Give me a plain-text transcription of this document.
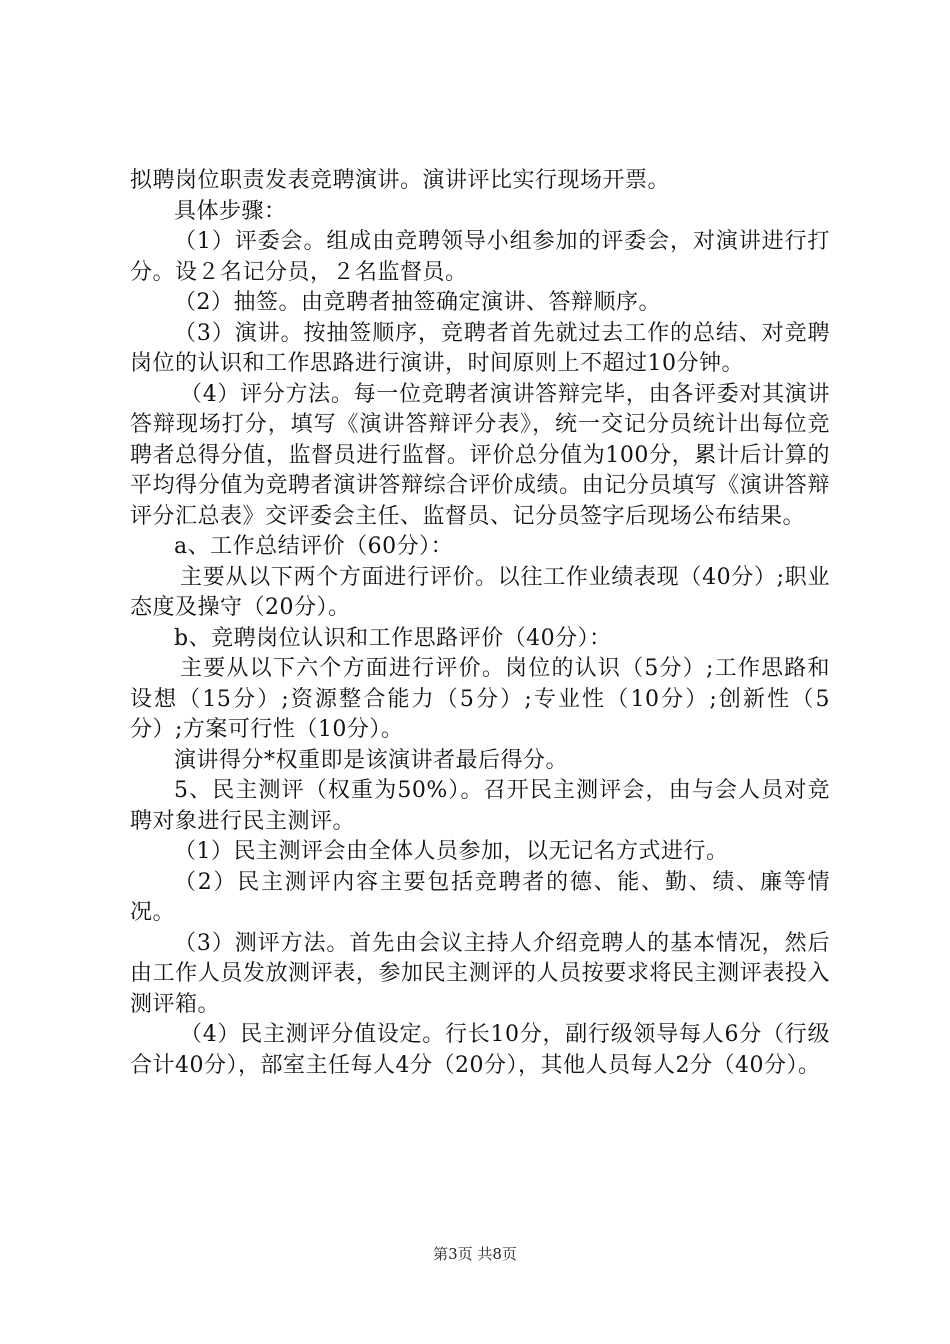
拟聘岗位职责发表竞聘演讲。演讲评比实行现场开票。

具体步骤：

（1）评委会。组成由竞聘领导小组参加的评委会，对演讲进行打分。设２名记分员，２名监督员。

（2）抽签。由竞聘者抽签确定演讲、答辩顺序。

（3）演讲。按抽签顺序，竞聘者首先就过去工作的总结、对竞聘岗位的认识和工作思路进行演讲，时间原则上不超过10分钟。

（4）评分方法。每一位竞聘者演讲答辩完毕，由各评委对其演讲答辩现场打分，填写《演讲答辩评分表》，统一交记分员统计出每位竞聘者总得分值，监督员进行监督。评价总分值为100分，累计后计算的平均得分值为竞聘者演讲答辩综合评价成绩。由记分员填写《演讲答辩评分汇总表》交评委会主任、监督员、记分员签字后现场公布结果。

a、工作总结评价（60分）：

主要从以下两个方面进行评价。以往工作业绩表现（40分）;职业态度及操守（20分）。

b、竞聘岗位认识和工作思路评价（40分）：

主要从以下六个方面进行评价。岗位的认识（5分）;工作思路和设想（15分）;资源整合能力（5分）;专业性（10分）;创新性（5分）;方案可行性（10分）。

演讲得分*权重即是该演讲者最后得分。

5、民主测评（权重为50%）。召开民主测评会，由与会人员对竞聘对象进行民主测评。

（1）民主测评会由全体人员参加，以无记名方式进行。

（2）民主测评内容主要包括竞聘者的德、能、勤、绩、廉等情况。

（3）测评方法。首先由会议主持人介绍竞聘人的基本情况，然后由工作人员发放测评表，参加民主测评的人员按要求将民主测评表投入测评箱。

（4）民主测评分值设定。行长10分，副行级领导每人6分（行级合计40分），部室主任每人4分（20分），其他人员每人2分（40分）。

第3页 共8页
